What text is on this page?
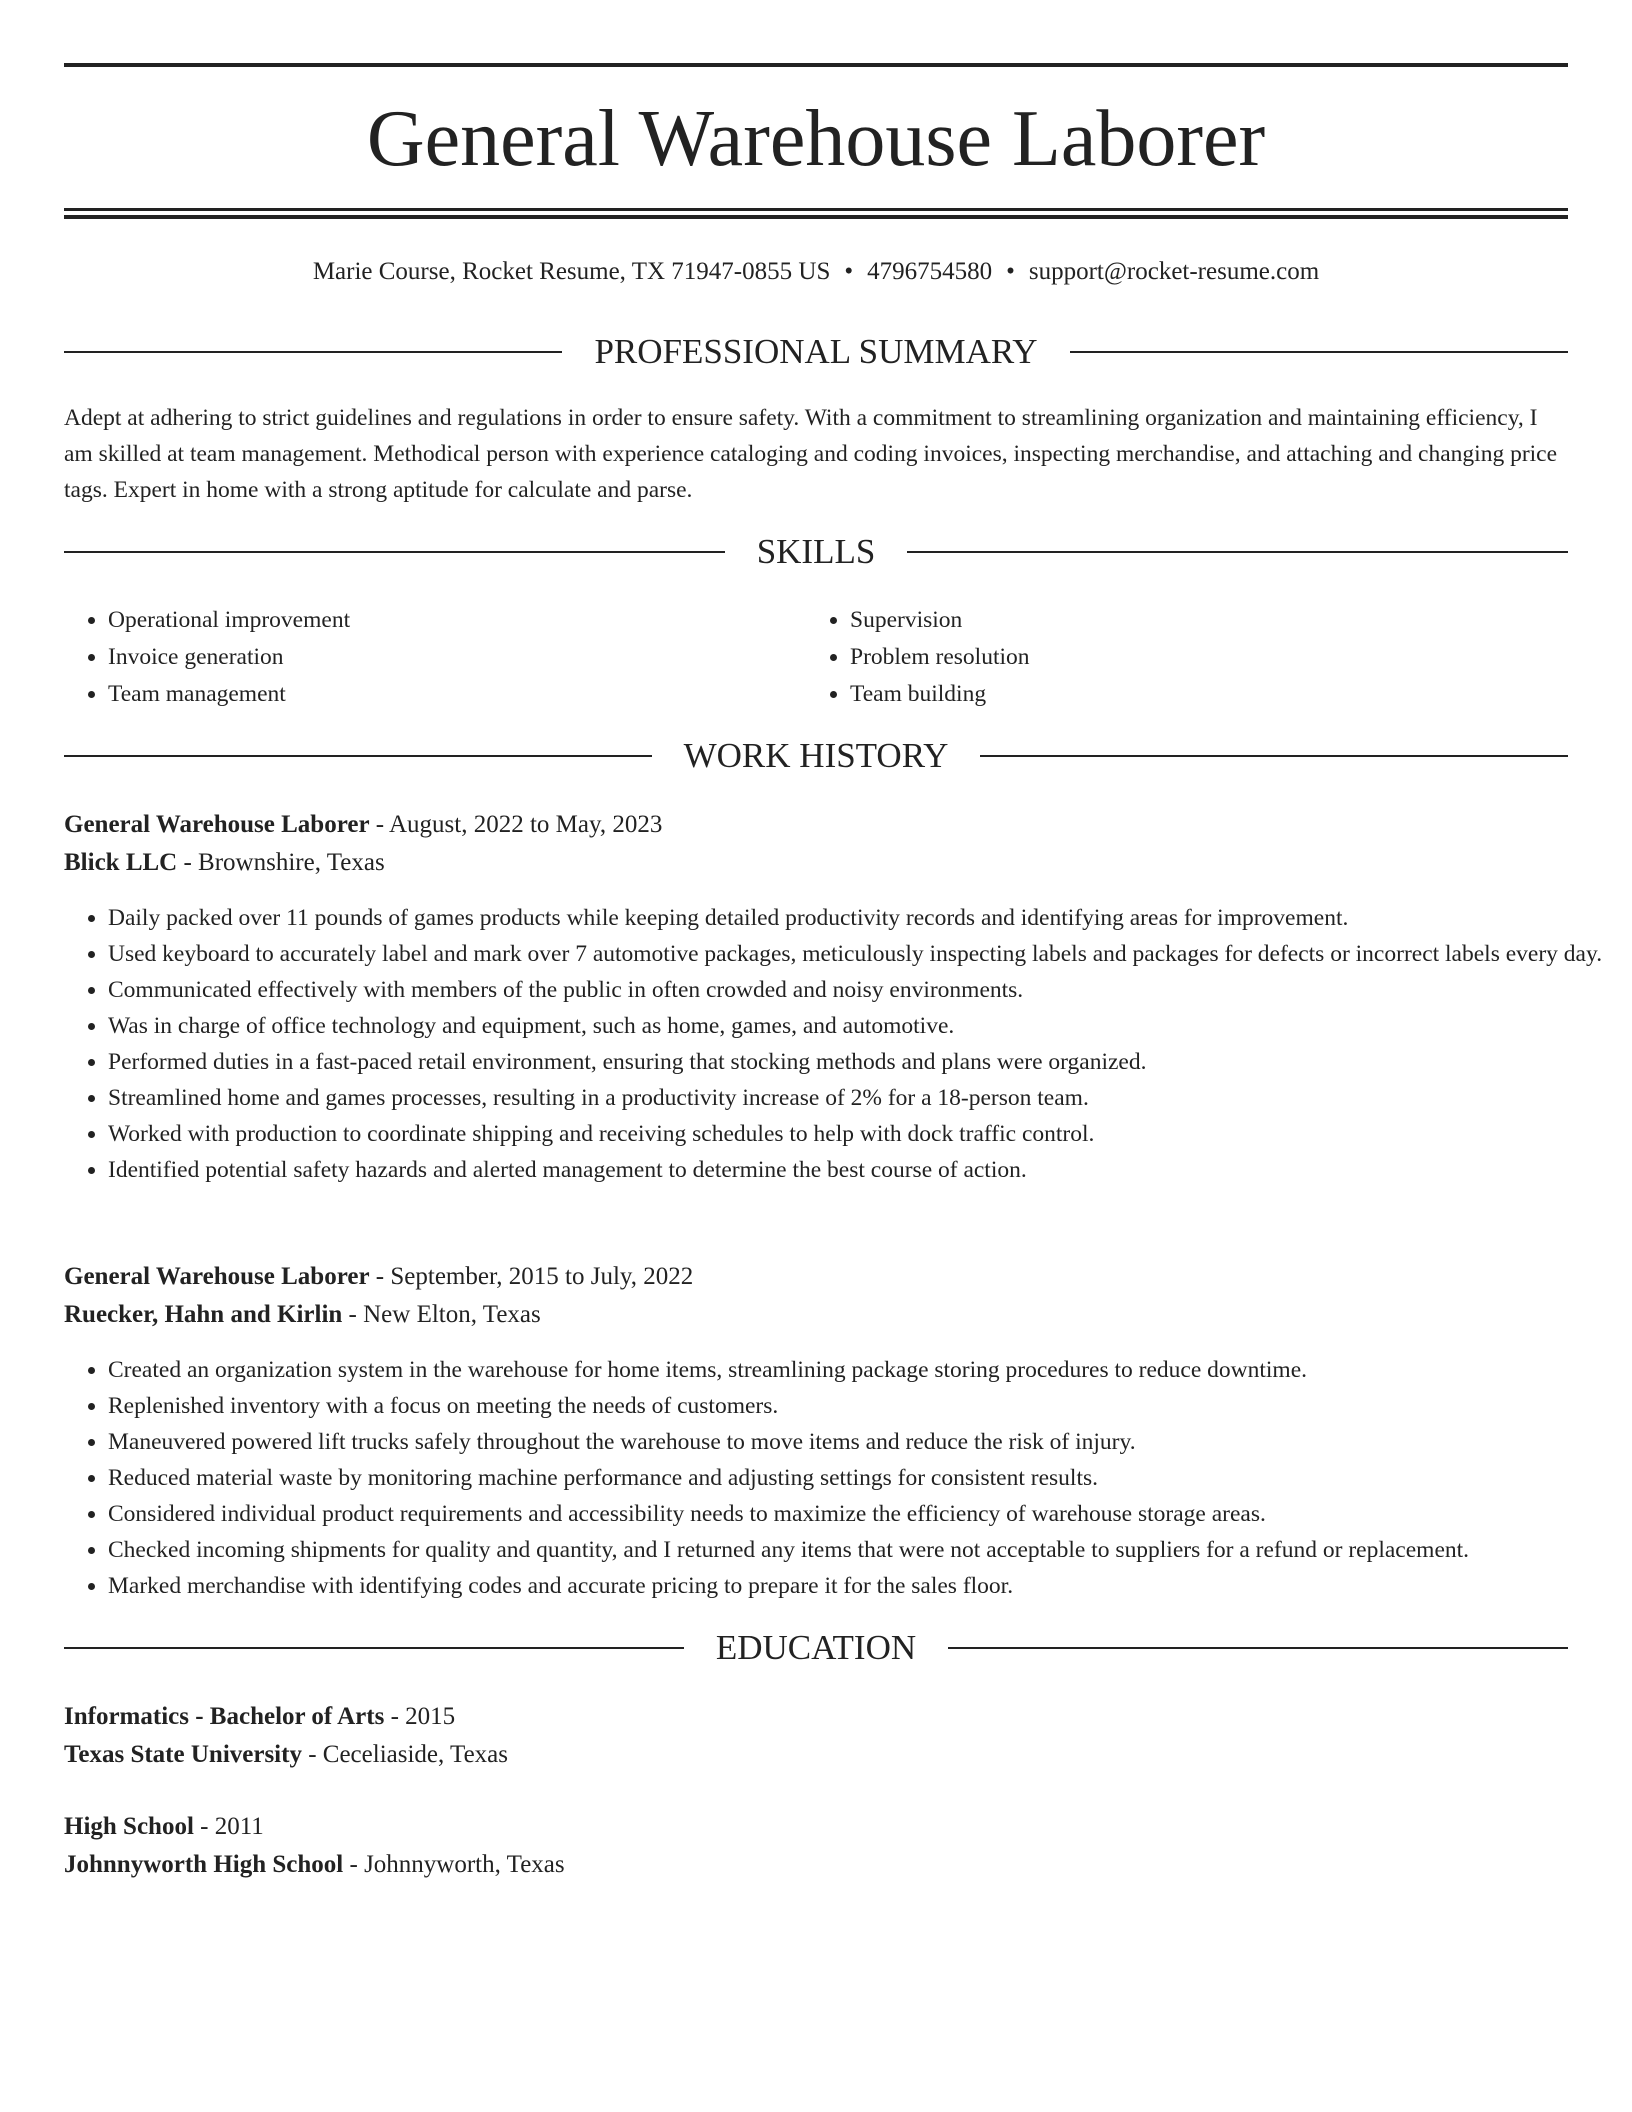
General Warehouse Laborer
Marie Course, Rocket Resume, TX 71947-0855 US • 4796754580 • support@rocket-resume.com
PROFESSIONAL SUMMARY

Adept at adhering to strict guidelines and regulations in order to ensure safety. With a commitment to streamlining organization and maintaining efficiency, I am skilled at team management. Methodical person with experience cataloging and coding invoices, inspecting merchandise, and attaching and changing price tags. Expert in home with a strong aptitude for calculate and parse.

SKILLS
• Operational improvement
• Invoice generation
• Team management
• Supervision
• Problem resolution
• Team building
WORK HISTORY
General Warehouse Laborer - August, 2022 to May, 2023
Blick LLC - Brownshire, Texas
• Daily packed over 11 pounds of games products while keeping detailed productivity records and identifying areas for improvement.
• Used keyboard to accurately label and mark over 7 automotive packages, meticulously inspecting labels and packages for defects or incorrect labels every day.
• Communicated effectively with members of the public in often crowded and noisy environments.
• Was in charge of office technology and equipment, such as home, games, and automotive.
• Performed duties in a fast-paced retail environment, ensuring that stocking methods and plans were organized.
• Streamlined home and games processes, resulting in a productivity increase of 2% for a 18-person team.
• Worked with production to coordinate shipping and receiving schedules to help with dock traffic control.
• Identified potential safety hazards and alerted management to determine the best course of action.
General Warehouse Laborer - September, 2015 to July, 2022
Ruecker, Hahn and Kirlin - New Elton, Texas
• Created an organization system in the warehouse for home items, streamlining package storing procedures to reduce downtime.
• Replenished inventory with a focus on meeting the needs of customers.
• Maneuvered powered lift trucks safely throughout the warehouse to move items and reduce the risk of injury.
• Reduced material waste by monitoring machine performance and adjusting settings for consistent results.
• Considered individual product requirements and accessibility needs to maximize the efficiency of warehouse storage areas.
• Checked incoming shipments for quality and quantity, and I returned any items that were not acceptable to suppliers for a refund or replacement.
• Marked merchandise with identifying codes and accurate pricing to prepare it for the sales floor.
EDUCATION
Informatics - Bachelor of Arts - 2015
Texas State University - Ceceliaside, Texas
High School - 2011
Johnnyworth High School - Johnnyworth, Texas
